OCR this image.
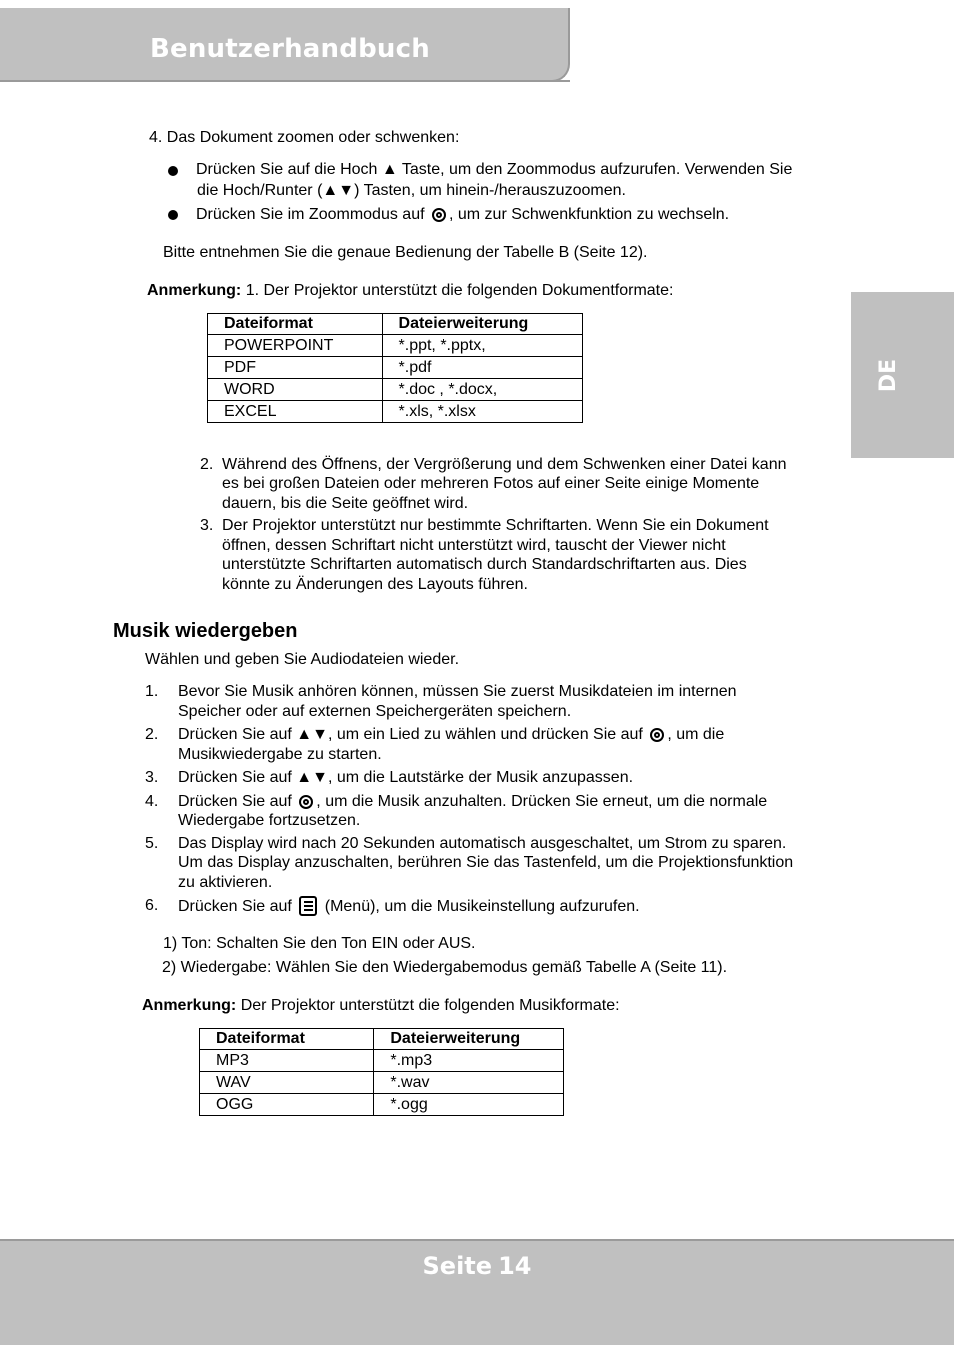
Benutzerhandbuch
DE
4. Das Dokument zoomen oder schwenken:
Drücken Sie auf die Hoch ▲ Taste, um den Zoommodus aufzurufen. Verwenden Sie
die Hoch/Runter (▲▼) Tasten, um hinein-/herauszuzoomen.
Drücken Sie im Zoommodus auf , um zur Schwenkfunktion zu wechseln.
Bitte entnehmen Sie die genaue Bedienung der Tabelle B (Seite 12).
Anmerkung: 1. Der Projektor unterstützt die folgenden Dokumentformate:
Dateiformat	Dateierweiterung
POWERPOINT	*.ppt, *.pptx,
PDF	*.pdf
WORD	*.doc , *.docx,
EXCEL	*.xls, *.xlsx
2. Während des Öffnens, der Vergrößerung und dem Schwenken einer Datei kann
es bei großen Dateien oder mehreren Fotos auf einer Seite einige Momente
dauern, bis die Seite geöffnet wird.
3. Der Projektor unterstützt nur bestimmte Schriftarten. Wenn Sie ein Dokument
öffnen, dessen Schriftart nicht unterstützt wird, tauscht der Viewer nicht
unterstützte Schriftarten automatisch durch Standardschriftarten aus. Dies
könnte zu Änderungen des Layouts führen.
Musik wiedergeben
Wählen und geben Sie Audiodateien wieder.
1. Bevor Sie Musik anhören können, müssen Sie zuerst Musikdateien im internen
Speicher oder auf externen Speichergeräten speichern.
2. Drücken Sie auf ▲▼, um ein Lied zu wählen und drücken Sie auf , um die
Musikwiedergabe zu starten.
3. Drücken Sie auf ▲▼, um die Lautstärke der Musik anzupassen.
4. Drücken Sie auf , um die Musik anzuhalten. Drücken Sie erneut, um die normale
Wiedergabe fortzusetzen.
5. Das Display wird nach 20 Sekunden automatisch ausgeschaltet, um Strom zu sparen.
Um das Display anzuschalten, berühren Sie das Tastenfeld, um die Projektionsfunktion
zu aktivieren.
6. Drücken Sie auf (Menü), um die Musikeinstellung aufzurufen.
1) Ton: Schalten Sie den Ton EIN oder AUS.
2) Wiedergabe: Wählen Sie den Wiedergabemodus gemäß Tabelle A (Seite 11).
Anmerkung: Der Projektor unterstützt die folgenden Musikformate:
Dateiformat	Dateierweiterung
MP3	*.mp3
WAV	*.wav
OGG	*.ogg
Seite 14
